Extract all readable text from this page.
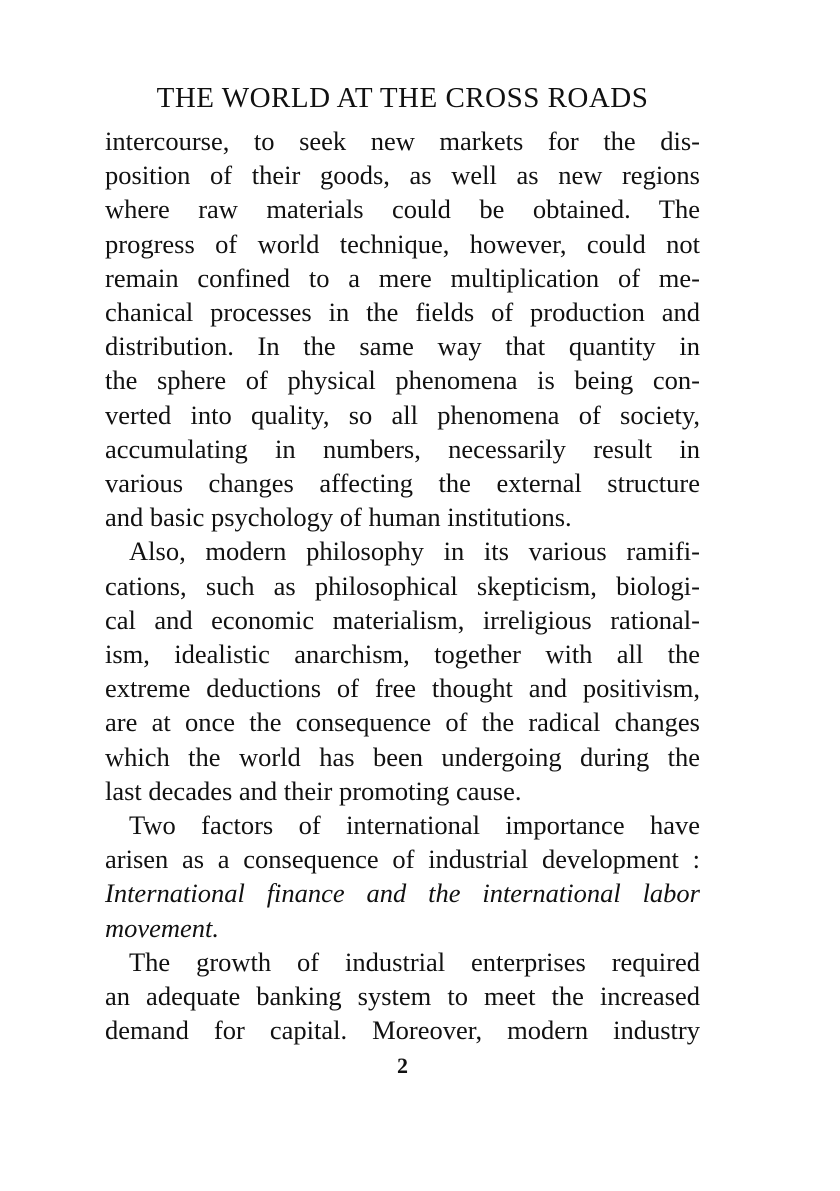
THE WORLD AT THE CROSS ROADS
intercourse, to seek new markets for the dis-
position of their goods, as well as new regions
where raw materials could be obtained. The
progress of world technique, however, could not
remain confined to a mere multiplication of me-
chanical processes in the fields of production and
distribution. In the same way that quantity in
the sphere of physical phenomena is being con-
verted into quality, so all phenomena of society,
accumulating in numbers, necessarily result in
various changes affecting the external structure
and basic psychology of human institutions.
Also, modern philosophy in its various ramifi-
cations, such as philosophical skepticism, biologi-
cal and economic materialism, irreligious rational-
ism, idealistic anarchism, together with all the
extreme deductions of free thought and positivism,
are at once the consequence of the radical changes
which the world has been undergoing during the
last decades and their promoting cause.
Two factors of international importance have
arisen as a consequence of industrial development :
International finance and the international labor
movement.
The growth of industrial enterprises required
an adequate banking system to meet the increased
demand for capital. Moreover, modern industry
2
